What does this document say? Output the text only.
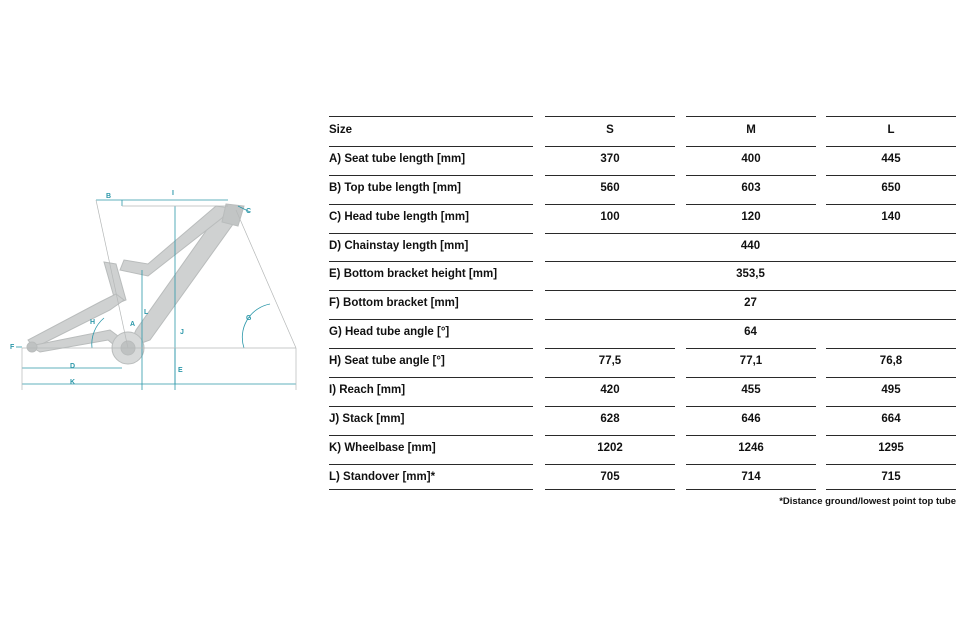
B	I
C
L
H	A
J
G
F
D
E
K
Size	S	M	L
A) Seat tube length [mm]	370	400	445
B) Top tube length [mm]	560	603	650
C) Head tube length [mm]	100	120	140
D) Chainstay length [mm]	440
E) Bottom bracket height [mm]	353,5
F) Bottom bracket [mm]	27
G) Head tube angle [°]	64
H) Seat tube angle [°]	77,5	77,1	76,8
I) Reach [mm]	420	455	495
J) Stack [mm]	628	646	664
K) Wheelbase [mm]	1202	1246	1295
L) Standover [mm]*	705	714	715
*Distance ground/lowest point top tube
